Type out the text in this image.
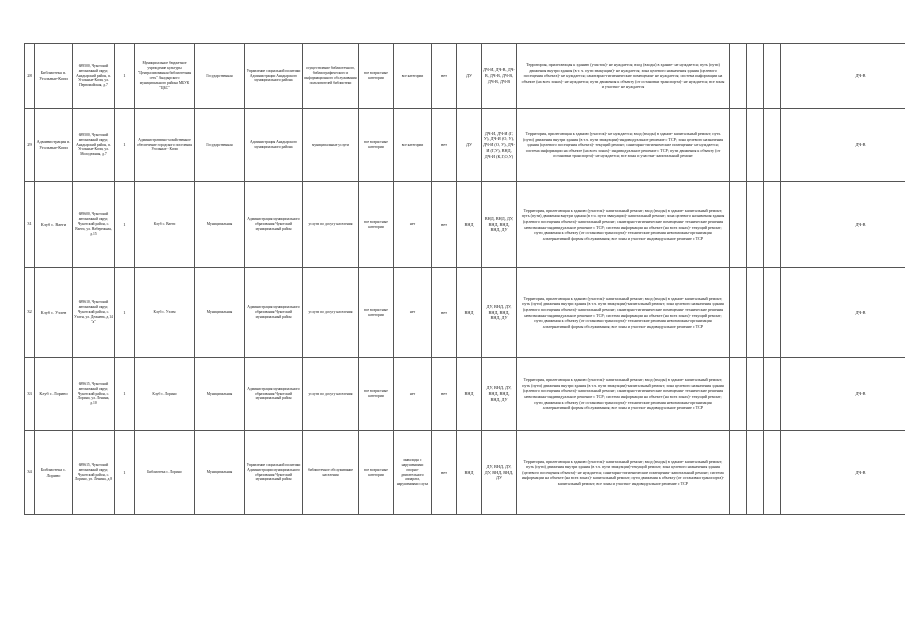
28	Библиотека п. Угольные-Копи	689500, Чукотский автономный округ, Анадырский район, п. Угольные-Копи, ул. Первомайская, д.7	1	Муниципальное бюджетное учреждение культуры "Централизованная библиотечная сеть" Анадырского муниципального района МБУК "ЦБС"	Государственная	Управление социальной политики Администрации Анадырского муниципального района	осуществление библиотечного, библиографического и информационного обслуживания пользователей библиотеки	все возрастные категории	все категории	нет	ДУ	ДЧ-И, ДЧ-В, ДЧ-В, ДЧ-В, ДЧ-В, ДЧ-В, ДЧ-В	Территория, прилегающая к зданию (участок)- не нуждается; вход (входы) в здание- не нуждается; путь (пути) движения внутри здания (в т. ч. пути эвакуации)- не нуждается; зона целевого назначения здания (целевого посещения объекта)- не нуждается; санитарно-гигиенические помещения- не нуждается; система информации на объекте (на всех зонах)- не нуждается; пути движения к объекту (от остановки транспорта)- не нуждается; все зоны и участки- не нуждается				ДЧ-В	
29	Администрация п. Угольные-Копи	689500, Чукотский автономный округ, Анадырский район, п. Угольные-Копи, ул. Молодежная, д.7	1	Административно-хозяйственное обеспечение городского поселения Угольные - Копи	Государственная	Администрация Анадырского муниципального района	муниципальные услуги	все возрастные категории	все категории	нет	ДУ	ДЧ-И, ДЧ-И (Г, У), ДЧ-И (О, У), ДЧ-И (О, У), ДЧ-И (Г,У), ВНД, ДЧ-И (К,Г,О,У)	Территория, прилегающая к зданию (участок)- не нуждается; вход (входы) в здание- капитальный ремонт; путь (пути) движения внутри здания (в т.ч. пути эвакуации)-индивидуальное решение с ТСР; зона целевого назначения здания (целевого посещения объекта)- текущий ремонт; санитарно-гигиенические помещения- не нуждается; система информации на объекте (на всех зонах)- индивидуальное решение с ТСР; пути движения к объекту (от остановки транспорта)- не нуждается; все зоны и участки- капитальный ремонт				ДЧ-В	
31	Клуб с. Ваеги	689600, Чукотский автономный округ, Чукотский район, с. Ваеги, ул. Набережная, д.15	1	Клуб с. Ваеги	Муниципальная	Администрация муниципального образования Чукотский муниципальный район	услуги по досугу населения	все возрастные категории	нет	нет	ВНД	ВНД, ВНД, ДУ, ВНД, ВНД, ВНД, ДУ	Территория, прилегающая к зданию (участок)- капитальный ремонт; вход (входы) в здание- капитальный ремонт; путь (пути) движения внутри здания (в т.ч. пути эвакуации)- капитальный ремонт; зона целевого назначения здания (целевого посещения объекта)- капитальный ремонт; санитарно-гигиенические помещения- технические решения невозможны-индивидуальное решение с ТСР; система информации на объекте (на всех зонах)- текущий ремонт; пути движения к объекту (от остановки транспорта)- технические решения невозможны-организация альтернативной формы обслуживания; все зоны и участки- индивидуальное решение с ТСР				ДЧ-В	
32	Клуб с. Уэлен	689610, Чукотский автономный округ, Чукотский район, с. Уэлен, ул. Дежнева, д.14 "а"	1	Клуб с. Уэлен	Муниципальная	Администрация муниципального образования Чукотский муниципальный район	услуги по досугу населения	все возрастные категории	нет	нет	ВНД	ДУ, ВНД, ДУ, ВНД, ВНД, ВНД, ДУ	Территория, прилегающая к зданию (участок)- капитальный ремонт; вход (входы) в здание- капитальный ремонт; путь (пути) движения внутри здания (в т.ч. пути эвакуации)-капитальный ремонт; зона целевого назначения здания (целевого посещения объекта)- капитальный ремонт; санитарно-гигиенические помещения- технические решения невозможны-индивидуальное решение с ТСР; система информации на объекте (на всех зонах)- текущий ремонт; пути движения к объекту (от остановки транспорта)- технические решения невозможны-организация альтернативной формы обслуживания; все зоны и участки- индивидуальное решение с ТСР				ДЧ-В	
33	Клуб с. Лорино	689615, Чукотский автономный округ, Чукотский район, с. Лорино, ул. Ленина, д.10	1	Клуб с. Лорино	Муниципальная	Администрация муниципального образования Чукотский муниципальный район	услуги по досугу населения	все возрастные категории	нет	нет	ВНД	ДУ, ВНД, ДУ, ВНД, ВНД, ВНД, ДУ	Территория, прилегающая к зданию (участок)- капитальный ремонт; вход (входы) в здание- капитальный ремонт; путь (пути) движения внутри здания (в т.ч. пути эвакуации)-капитальный ремонт; зона целевого назначения здания (целевого посещения объекта)- капитальный ремонт; санитарно-гигиенические помещения- технические решения невозможны-индивидуальное решение с ТСР; система информации на объекте (на всех зонах)- текущий ремонт; пути движения к объекту (от остановки транспорта)- технические решения невозможны-организация альтернативной формы обслуживания; все зоны и участки- индивидуальное решение с ТСР				ДЧ-В	
34	Библиотека с. Лорино	689615, Чукотский автономный округ, Чукотский район, с. Лорино, ул. Ленина, д.8	1	Библиотека с. Лорино	Муниципальная	Управление социальной политики Администрации муниципального образования Чукотский муниципальный район	библиотечное обслуживание населения	все возрастные категории	инвалиды с нарушениями опорно-двигательного аппарата, нарушениями слуха	нет	ВНД	ДУ, ВНД, ДУ, ДУ, ВНД, ВНД, ДУ	Территория, прилегающая к зданию (участок)- капитальный ремонт; вход (входы) в здание- капитальный ремонт; путь (пути) движения внутри здания (в т.ч. пути эвакуации)-текущий ремонт; зона целевого назначения здания (целевого посещения объекта)- не нуждается; санитарно-гигиенические помещения- капитальный ремонт; система информации на объекте (на всех зонах)- капитальный ремонт; пути движения к объекту (от остановки транспорта)- капитальный ремонт; все зоны и участки- индивидуальное решение с ТСР				ДЧ-В	
